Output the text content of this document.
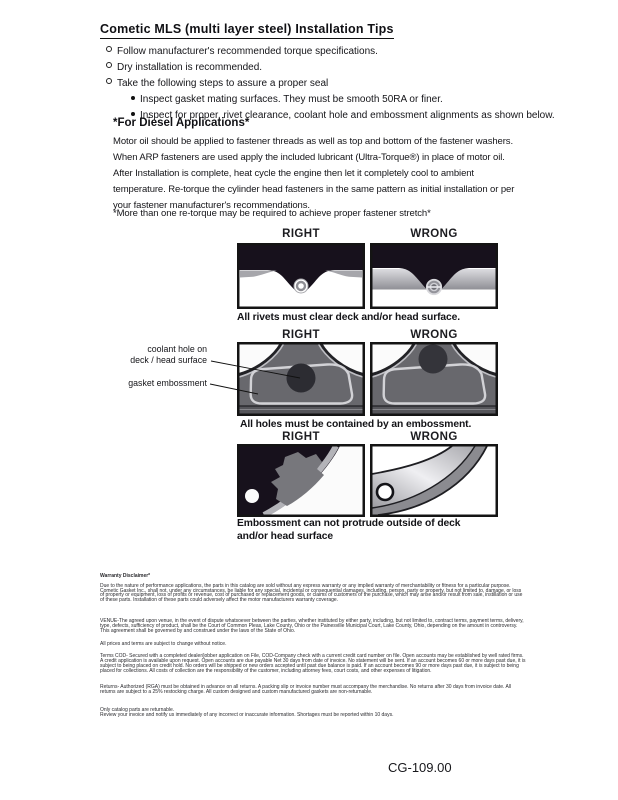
Cometic MLS (multi layer steel) Installation Tips
Follow manufacturer's recommended torque specifications.
Dry installation is recommended.
Take the following steps to assure a proper seal
Inspect gasket mating surfaces. They must be smooth 50RA or finer.
Inspect for proper, rivet clearance, coolant hole and embossment alignments as shown below.
*For Diesel Applications*
Motor oil should be applied to fastener threads as well as top and bottom of the fastener washers. When ARP fasteners are used apply the included lubricant (Ultra-Torque®) in place of motor oil.
After Installation is complete, heat cycle the engine then let it completely cool to ambient temperature. Re-torque the cylinder head fasteners in the same pattern as initial installation or per your fastener manufacturer's recommendations.
*More than one re-torque may be required to achieve proper fastener stretch*
RIGHT	WRONG
All rivets must clear deck and/or head surface.
RIGHT	WRONG
coolant hole on
deck / head surface
gasket embossment
All holes must be contained by an embossment.
RIGHT	WRONG
Embossment can not protrude outside of deck
and/or head surface

Warranty Disclaimer*

Due to the nature of performance applications, the parts in this catalog are sold without any express warranty or any implied warranty of merchantability or fitness for a particular purpose. Cometic Gasket Inc., shall not, under any circumstances, be liable for any special, incidental or consequential damages, including, person, party or property, but not limited to, damage, or loss of property or equipment, loss of profits or revenue, cost of purchased or replacement goods, or claims of customers of the purchase, which may arise and/or result from sale, instillation or use of these parts. Installation of these parts could adversely affect the motor manufacturers warranty coverage.

VENUE-The agreed upon venue, in the event of dispute whatsoever between the parties, whether instituted by either party, including, but not limited to, contract terms, payment terms, delivery, type, defects, sufficiency of product, shall be the Court of Common Pleas, Lake County, Ohio or the Painesville Municipal Court, Lake County, Ohio, depending on the amount in controversy.

This agreement shall be governed by and construed under the laws of the State of Ohio.

All prices and terms are subject to change without notice.

Terms COD- Secured with a completed dealer/jobber application on File, COD-Company check with a current credit card number on file. Open accounts may be established by well rated firms. A credit application is available upon request. Open accounts are due payable Net 30 days from date of invoice. No statement will be sent. If an account becomes 60 or more days past due, it is subject to being placed on credit hold. No orders will be shipped or new orders accepted until past due balance is paid. If an account becomes 90 or more days past due, it is subject to being placed for collections. All costs of collection are the responsibility of the customer, including attorney fees, court costs, and other expenses of litigation.

Returns- Authorized (RGA) must be obtained in advance on all returns. A packing slip or invoice number must accompany the merchandise. No returns after 30 days from invoice date. All returns are subject to a 25% restocking charge. All custom designed and custom manufactured gaskets are non-returnable.

Only catalog parts are returnable.

Review your invoice and notify us immediately of any incorrect or inaccurate information. Shortages must be reported within 10 days.

CG-109.00
